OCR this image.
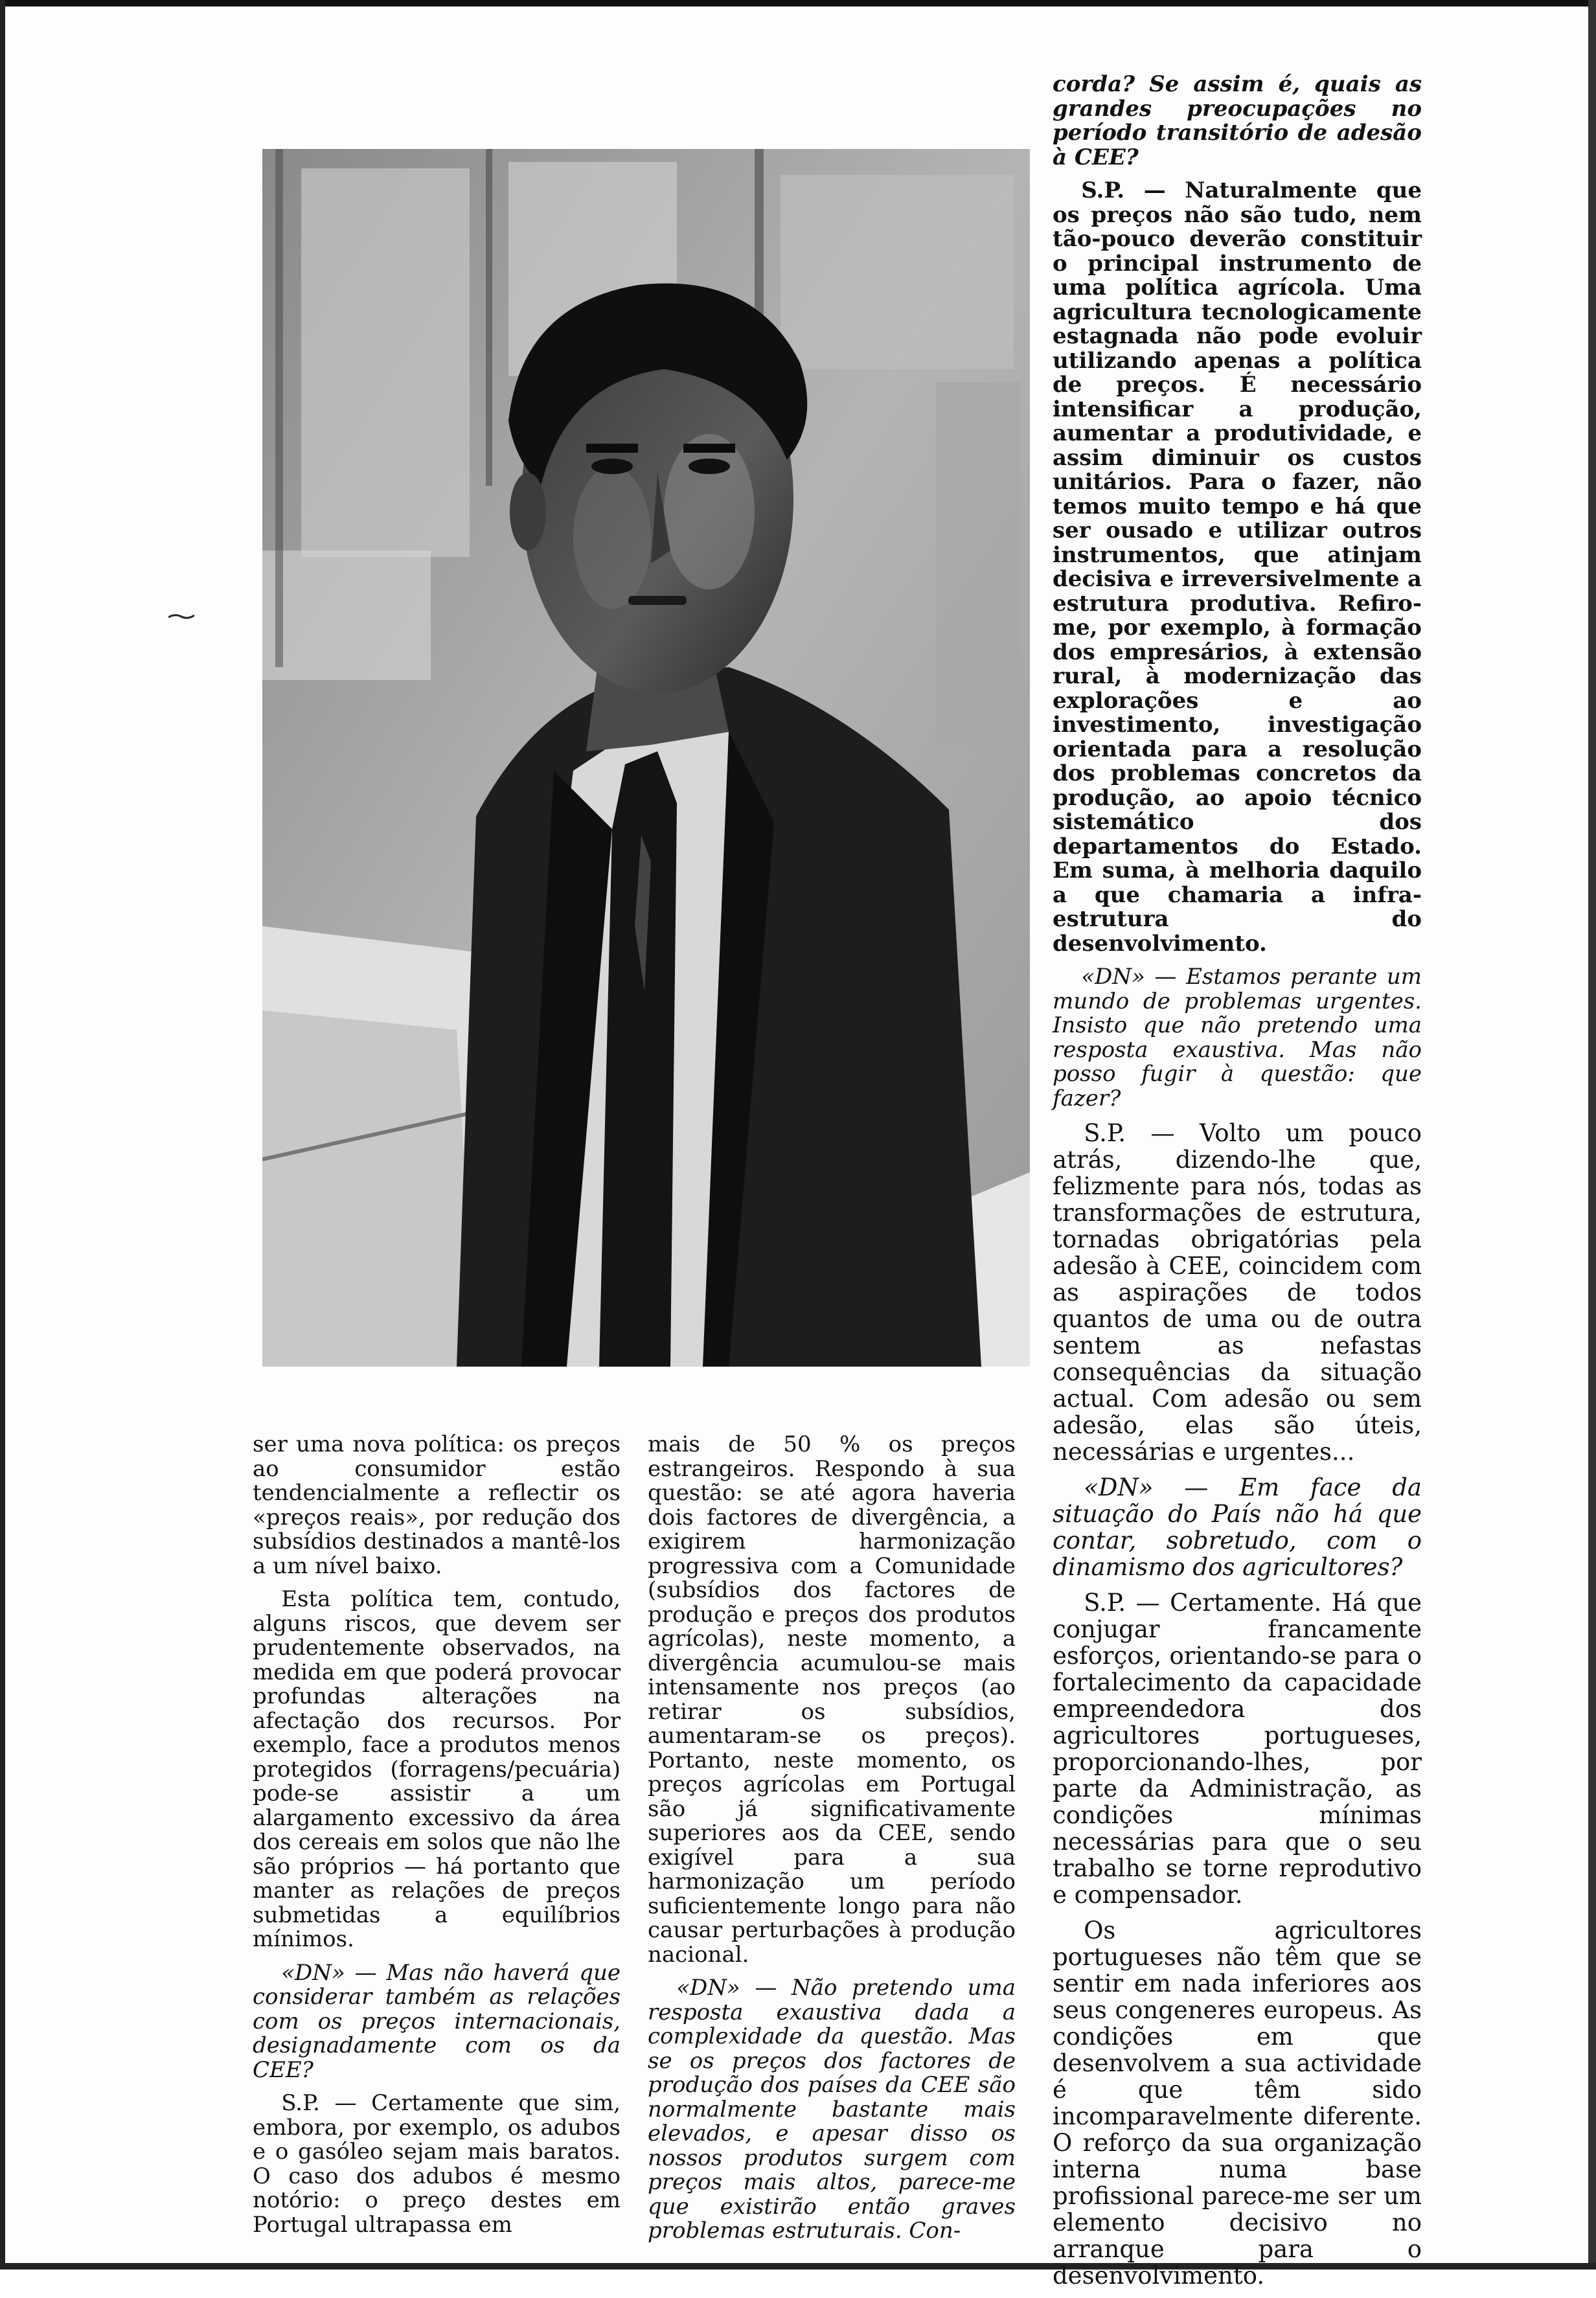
corda? Se assim é, quais as grandes preocupações no período transitório de adesão à CEE?

S.P. — Naturalmente que os preços não são tudo, nem tão-pouco deverão constituir o principal instrumento de uma política agrícola. Uma agricultura tecnologicamente estagnada não pode evoluir utilizando apenas a política de preços. É necessário intensificar a produção, aumentar a produtividade, e assim diminuir os custos unitários. Para o fazer, não temos muito tempo e há que ser ousado e utilizar outros instrumentos, que atinjam decisiva e irreversivelmente a estrutura produtiva. Refiro-me, por exemplo, à formação dos empresários, à extensão rural, à modernização das explorações e ao investimento, investigação orientada para a resolução dos problemas concretos da produção, ao apoio técnico sistemático dos departamentos do Estado. Em suma, à melhoria daquilo a que chamaria a infra-estrutura do desenvolvimento.

«DN» — Estamos perante um mundo de problemas urgentes. Insisto que não pretendo uma resposta exaustiva. Mas não posso fugir à questão: que fazer?

S.P. — Volto um pouco atrás, dizendo-lhe que, felizmente para nós, todas as transformações de estrutura, tornadas obrigatórias pela adesão à CEE, coincidem com as aspirações de todos quantos de uma ou de outra sentem as nefastas consequências da situação actual. Com adesão ou sem adesão, elas são úteis, necessárias e urgentes...

«DN» — Em face da situação do País não há que contar, sobretudo, com o dinamismo dos agricultores?

S.P. — Certamente. Há que conjugar francamente esforços, orientando-se para o fortalecimento da capacidade empreendedora dos agricultores portugueses, proporcionando-lhes, por parte da Administração, as condições mínimas necessárias para que o seu trabalho se torne reprodutivo e compensador.

Os agricultores portugueses não têm que se sentir em nada inferiores aos seus congeneres europeus. As condições em que desenvolvem a sua actividade é que têm sido incomparavelmente diferente. O reforço da sua organização interna numa base profissional parece-me ser um elemento decisivo no arranque para o desenvolvimento.

ser uma nova política: os preços ao consumidor estão tendencialmente a reflectir os «preços reais», por redução dos subsídios destinados a mantê-los a um nível baixo.

Esta política tem, contudo, alguns riscos, que devem ser prudentemente observados, na medida em que poderá provocar profundas alterações na afectação dos recursos. Por exemplo, face a produtos menos protegidos (forragens/pecuária) pode-se assistir a um alargamento excessivo da área dos cereais em solos que não lhe são próprios — há portanto que manter as relações de preços submetidas a equilíbrios mínimos.

«DN» — Mas não haverá que considerar também as relações com os preços internacionais, designadamente com os da CEE?

S.P. — Certamente que sim, embora, por exemplo, os adubos e o gasóleo sejam mais baratos. O caso dos adubos é mesmo notório: o preço destes em Portugal ultrapassa em

mais de 50 % os preços estrangeiros. Respondo à sua questão: se até agora haveria dois factores de divergência, a exigirem harmonização progressiva com a Comunidade (subsídios dos factores de produção e preços dos produtos agrícolas), neste momento, a divergência acumulou-se mais intensamente nos preços (ao retirar os subsídios, aumentaram-se os preços). Portanto, neste momento, os preços agrícolas em Portugal são já significativamente superiores aos da CEE, sendo exigível para a sua harmonização um período suficientemente longo para não causar perturbações à produção nacional.

«DN» — Não pretendo uma resposta exaustiva dada a complexidade da questão. Mas se os preços dos factores de produção dos países da CEE são normalmente bastante mais elevados, e apesar disso os nossos produtos surgem com preços mais altos, parece-me que existirão então graves problemas estruturais. Con-
